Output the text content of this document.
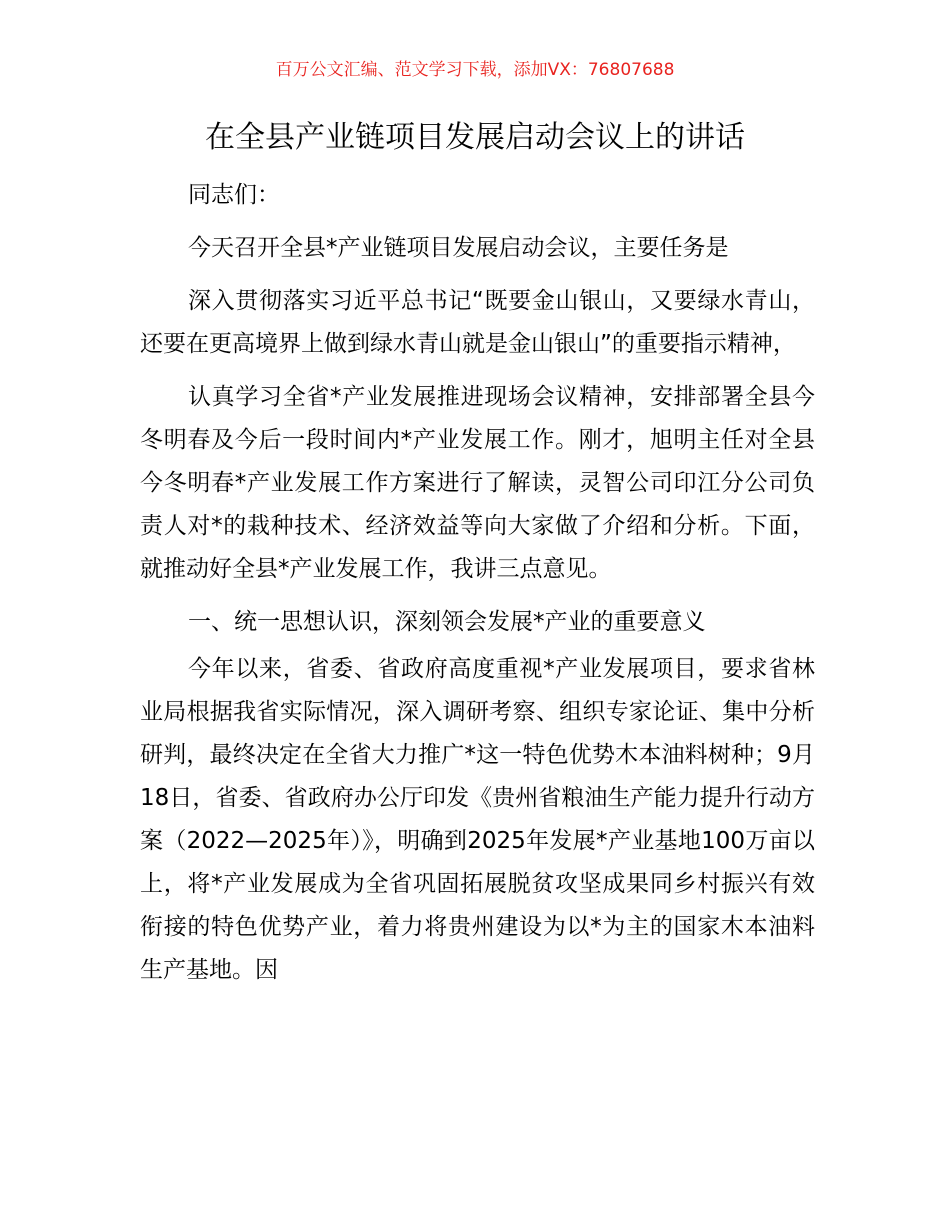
百万公文汇编、范文学习下载，添加VX：76807688
在全县产业链项目发展启动会议上的讲话

同志们：

今天召开全县*产业链项目发展启动会议，主要任务是

深入贯彻落实习近平总书记“既要金山银山，又要绿水青山，还要在更高境界上做到绿水青山就是金山银山”的重要指示精神，

认真学习全省*产业发展推进现场会议精神，安排部署全县今冬明春及今后一段时间内*产业发展工作。刚才，旭明主任对全县今冬明春*产业发展工作方案进行了解读，灵智公司印江分公司负责人对*的栽种技术、经济效益等向大家做了介绍和分析。下面，就推动好全县*产业发展工作，我讲三点意见。

一、统一思想认识，深刻领会发展*产业的重要意义

今年以来，省委、省政府高度重视*产业发展项目，要求省林业局根据我省实际情况，深入调研考察、组织专家论证、集中分析研判，最终决定在全省大力推广*这一特色优势木本油料树种；9月18日，省委、省政府办公厅印发《贵州省粮油生产能力提升行动方案（2022—2025年）》，明确到2025年发展*产业基地100万亩以上，将*产业发展成为全省巩固拓展脱贫攻坚成果同乡村振兴有效衔接的特色优势产业，着力将贵州建设为以*为主的国家木本油料生产基地。因
